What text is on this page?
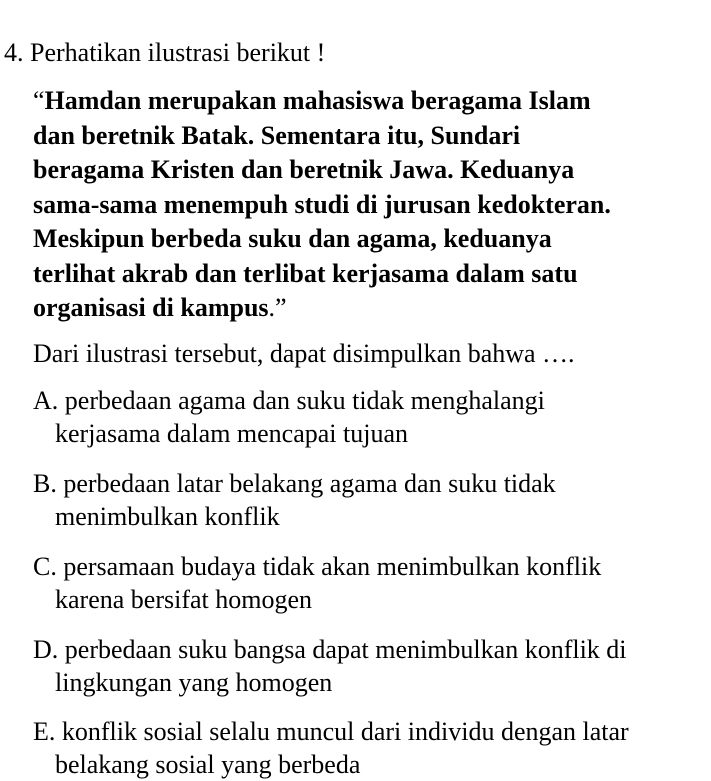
4. Perhatikan ilustrasi berikut !
“Hamdan merupakan mahasiswa beragama Islam
dan beretnik Batak. Sementara itu, Sundari
beragama Kristen dan beretnik Jawa. Keduanya
sama-sama menempuh studi di jurusan kedokteran.
Meskipun berbeda suku dan agama, keduanya
terlihat akrab dan terlibat kerjasama dalam satu
organisasi di kampus.”
Dari ilustrasi tersebut, dapat disimpulkan bahwa ….
A. perbedaan agama dan suku tidak menghalangi
kerjasama dalam mencapai tujuan
B. perbedaan latar belakang agama dan suku tidak
menimbulkan konflik
C. persamaan budaya tidak akan menimbulkan konflik
karena bersifat homogen
D. perbedaan suku bangsa dapat menimbulkan konflik di
lingkungan yang homogen
E. konflik sosial selalu muncul dari individu dengan latar
belakang sosial yang berbeda
